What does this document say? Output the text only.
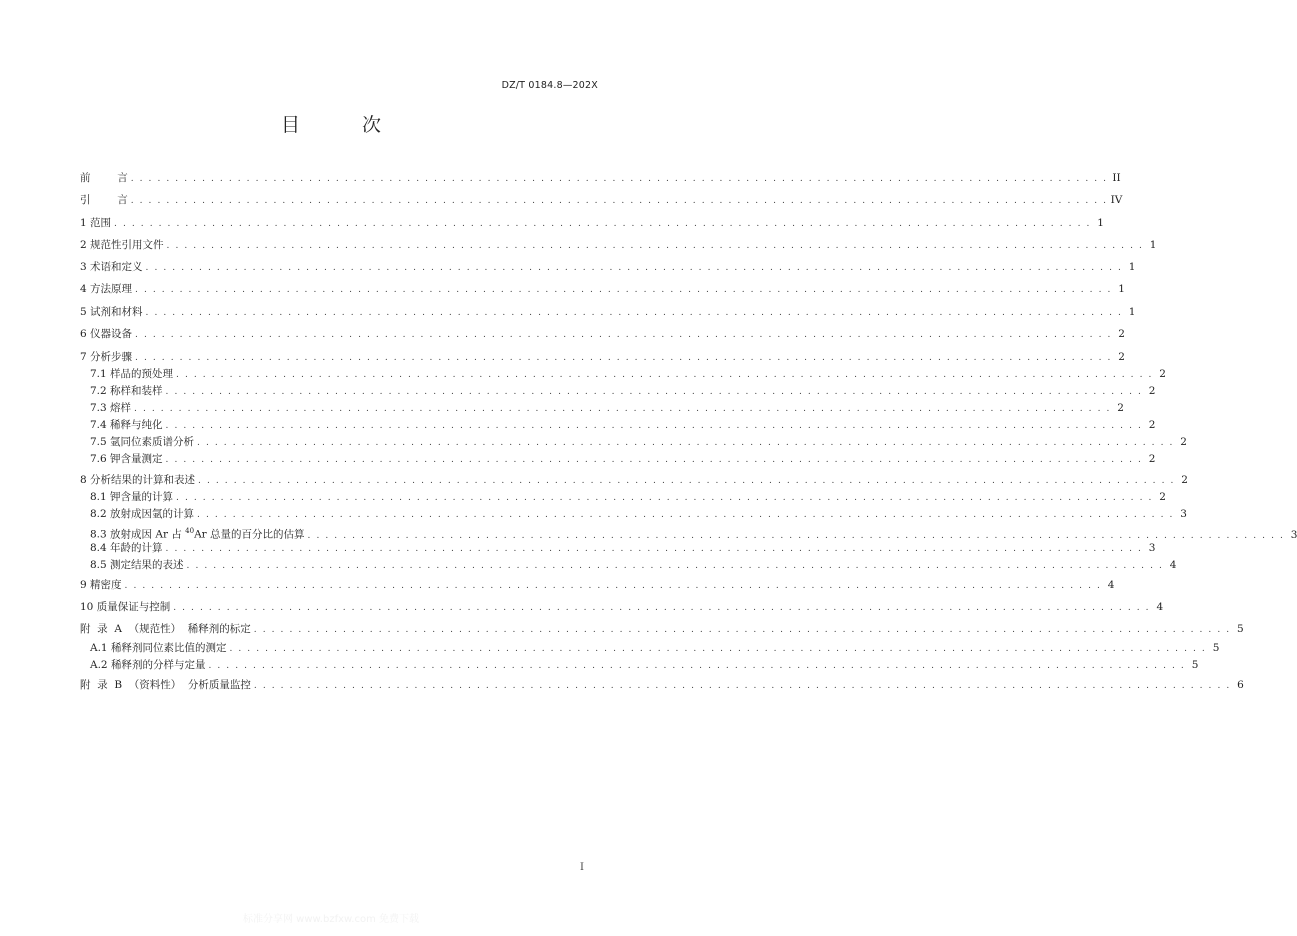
DZ/T 0184.8—202X
目 次
前        言 . . . . . . . . . . . . . . . . . . . . . . . . . . . . . . . . . . . . . . . . . . . . . . . . . . . . . . . . . . . . . . . . . . . . . . . . . . . . . . . . . . . . . . . . . . . . . . . . . . . . . . . . . . . . . . II
引        言 . . . . . . . . . . . . . . . . . . . . . . . . . . . . . . . . . . . . . . . . . . . . . . . . . . . . . . . . . . . . . . . . . . . . . . . . . . . . . . . . . . . . . . . . . . . . . . . . . . . . . . . . . . . . . . IV
1 范围 . . . . . . . . . . . . . . . . . . . . . . . . . . . . . . . . . . . . . . . . . . . . . . . . . . . . . . . . . . . . . . . . . . . . . . . . . . . . . . . . . . . . . . . . . . . . . . . . . . . . . . . . . . . . . . 1
2 规范性引用文件 . . . . . . . . . . . . . . . . . . . . . . . . . . . . . . . . . . . . . . . . . . . . . . . . . . . . . . . . . . . . . . . . . . . . . . . . . . . . . . . . . . . . . . . . . . . . . . . . . . . . . . . . . . . . . . 1
3 术语和定义 . . . . . . . . . . . . . . . . . . . . . . . . . . . . . . . . . . . . . . . . . . . . . . . . . . . . . . . . . . . . . . . . . . . . . . . . . . . . . . . . . . . . . . . . . . . . . . . . . . . . . . . . . . . . . . 1
4 方法原理 . . . . . . . . . . . . . . . . . . . . . . . . . . . . . . . . . . . . . . . . . . . . . . . . . . . . . . . . . . . . . . . . . . . . . . . . . . . . . . . . . . . . . . . . . . . . . . . . . . . . . . . . . . . . . . 1
5 试剂和材料 . . . . . . . . . . . . . . . . . . . . . . . . . . . . . . . . . . . . . . . . . . . . . . . . . . . . . . . . . . . . . . . . . . . . . . . . . . . . . . . . . . . . . . . . . . . . . . . . . . . . . . . . . . . . . . 1
6 仪器设备 . . . . . . . . . . . . . . . . . . . . . . . . . . . . . . . . . . . . . . . . . . . . . . . . . . . . . . . . . . . . . . . . . . . . . . . . . . . . . . . . . . . . . . . . . . . . . . . . . . . . . . . . . . . . . . 2
7 分析步骤 . . . . . . . . . . . . . . . . . . . . . . . . . . . . . . . . . . . . . . . . . . . . . . . . . . . . . . . . . . . . . . . . . . . . . . . . . . . . . . . . . . . . . . . . . . . . . . . . . . . . . . . . . . . . . . 2
7.1 样品的预处理 . . . . . . . . . . . . . . . . . . . . . . . . . . . . . . . . . . . . . . . . . . . . . . . . . . . . . . . . . . . . . . . . . . . . . . . . . . . . . . . . . . . . . . . . . . . . . . . . . . . . . . . . . . . . . . 2
7.2 称样和装样 . . . . . . . . . . . . . . . . . . . . . . . . . . . . . . . . . . . . . . . . . . . . . . . . . . . . . . . . . . . . . . . . . . . . . . . . . . . . . . . . . . . . . . . . . . . . . . . . . . . . . . . . . . . . . . 2
7.3 熔样 . . . . . . . . . . . . . . . . . . . . . . . . . . . . . . . . . . . . . . . . . . . . . . . . . . . . . . . . . . . . . . . . . . . . . . . . . . . . . . . . . . . . . . . . . . . . . . . . . . . . . . . . . . . . . . 2
7.4 稀释与纯化 . . . . . . . . . . . . . . . . . . . . . . . . . . . . . . . . . . . . . . . . . . . . . . . . . . . . . . . . . . . . . . . . . . . . . . . . . . . . . . . . . . . . . . . . . . . . . . . . . . . . . . . . . . . . . . 2
7.5 氩同位素质谱分析 . . . . . . . . . . . . . . . . . . . . . . . . . . . . . . . . . . . . . . . . . . . . . . . . . . . . . . . . . . . . . . . . . . . . . . . . . . . . . . . . . . . . . . . . . . . . . . . . . . . . . . . . . . . . . . 2
7.6 钾含量测定 . . . . . . . . . . . . . . . . . . . . . . . . . . . . . . . . . . . . . . . . . . . . . . . . . . . . . . . . . . . . . . . . . . . . . . . . . . . . . . . . . . . . . . . . . . . . . . . . . . . . . . . . . . . . . . 2
8 分析结果的计算和表述 . . . . . . . . . . . . . . . . . . . . . . . . . . . . . . . . . . . . . . . . . . . . . . . . . . . . . . . . . . . . . . . . . . . . . . . . . . . . . . . . . . . . . . . . . . . . . . . . . . . . . . . . . . . . . . 2
8.1 钾含量的计算 . . . . . . . . . . . . . . . . . . . . . . . . . . . . . . . . . . . . . . . . . . . . . . . . . . . . . . . . . . . . . . . . . . . . . . . . . . . . . . . . . . . . . . . . . . . . . . . . . . . . . . . . . . . . . . 2
8.2 放射成因氩的计算 . . . . . . . . . . . . . . . . . . . . . . . . . . . . . . . . . . . . . . . . . . . . . . . . . . . . . . . . . . . . . . . . . . . . . . . . . . . . . . . . . . . . . . . . . . . . . . . . . . . . . . . . . . . . . . 3
8.3 放射成因 Ar 占 $^{40}$Ar 总量的百分比的估算 . . . . . . . . . . . . . . . . . . . . . . . . . . . . . . . . . . . . . . . . . . . . . . . . . . . . . . . . . . . . . . . . . . . . . . . . . . . . . . . . . . . . . . . . . . . . . . . . . . . . . . . . . . . . . . 3
8.4 年龄的计算 . . . . . . . . . . . . . . . . . . . . . . . . . . . . . . . . . . . . . . . . . . . . . . . . . . . . . . . . . . . . . . . . . . . . . . . . . . . . . . . . . . . . . . . . . . . . . . . . . . . . . . . . . . . . . . 3
8.5 测定结果的表述 . . . . . . . . . . . . . . . . . . . . . . . . . . . . . . . . . . . . . . . . . . . . . . . . . . . . . . . . . . . . . . . . . . . . . . . . . . . . . . . . . . . . . . . . . . . . . . . . . . . . . . . . . . . . . . 4
9 精密度 . . . . . . . . . . . . . . . . . . . . . . . . . . . . . . . . . . . . . . . . . . . . . . . . . . . . . . . . . . . . . . . . . . . . . . . . . . . . . . . . . . . . . . . . . . . . . . . . . . . . . . . . . . . . . . 4
10 质量保证与控制 . . . . . . . . . . . . . . . . . . . . . . . . . . . . . . . . . . . . . . . . . . . . . . . . . . . . . . . . . . . . . . . . . . . . . . . . . . . . . . . . . . . . . . . . . . . . . . . . . . . . . . . . . . . . . . 4
附  录  A  （规范性）  稀释剂的标定 . . . . . . . . . . . . . . . . . . . . . . . . . . . . . . . . . . . . . . . . . . . . . . . . . . . . . . . . . . . . . . . . . . . . . . . . . . . . . . . . . . . . . . . . . . . . . . . . . . . . . . . . . . . . . . 5
A.1 稀释剂同位素比值的测定 . . . . . . . . . . . . . . . . . . . . . . . . . . . . . . . . . . . . . . . . . . . . . . . . . . . . . . . . . . . . . . . . . . . . . . . . . . . . . . . . . . . . . . . . . . . . . . . . . . . . . . . . . . . . . . 5
A.2 稀释剂的分样与定量 . . . . . . . . . . . . . . . . . . . . . . . . . . . . . . . . . . . . . . . . . . . . . . . . . . . . . . . . . . . . . . . . . . . . . . . . . . . . . . . . . . . . . . . . . . . . . . . . . . . . . . . . . . . . . . 5
附  录  B  （资料性）  分析质量监控 . . . . . . . . . . . . . . . . . . . . . . . . . . . . . . . . . . . . . . . . . . . . . . . . . . . . . . . . . . . . . . . . . . . . . . . . . . . . . . . . . . . . . . . . . . . . . . . . . . . . . . . . . . . . . . 6
I
标准分享网 www.bzfxw.com 免费下载
